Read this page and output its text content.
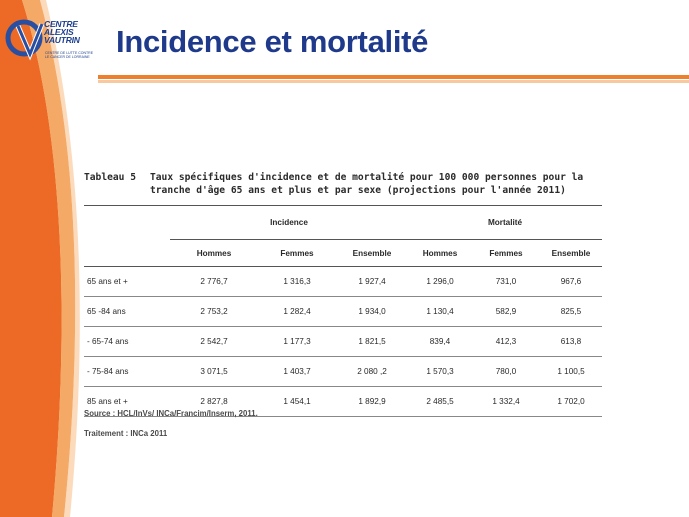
CENTRE
ALEXIS
VAUTRIN
CENTRE DE LUTTE CONTRE LE CANCER DE LORRAINE Incidence et mortalité
Tableau 5	Taux spécifiques d'incidence et de mortalité pour 100 000 personnes pour la tranche d'âge 65 ans et plus et par sexe (projections pour l'année 2011)
	Incidence			Mortalité		
	Hommes	Femmes	Ensemble	Hommes	Femmes	Ensemble
65 ans et +	2 776,7	1 316,3	1 927,4	1 296,0	731,0	967,6
65 -84 ans	2 753,2	1 282,4	1 934,0	1 130,4	582,9	825,5
- 65-74 ans	2 542,7	1 177,3	1 821,5	839,4	412,3	613,8
- 75-84 ans	3 071,5	1 403,7	2 080 ,2	1 570,3	780,0	1 100,5
85 ans et +	2 827,8	1 454,1	1 892,9	2 485,5	1 332,4	1 702,0
Source : HCL/InVs/ INCa/Francim/Inserm, 2011.
Traitement : INCa 2011
